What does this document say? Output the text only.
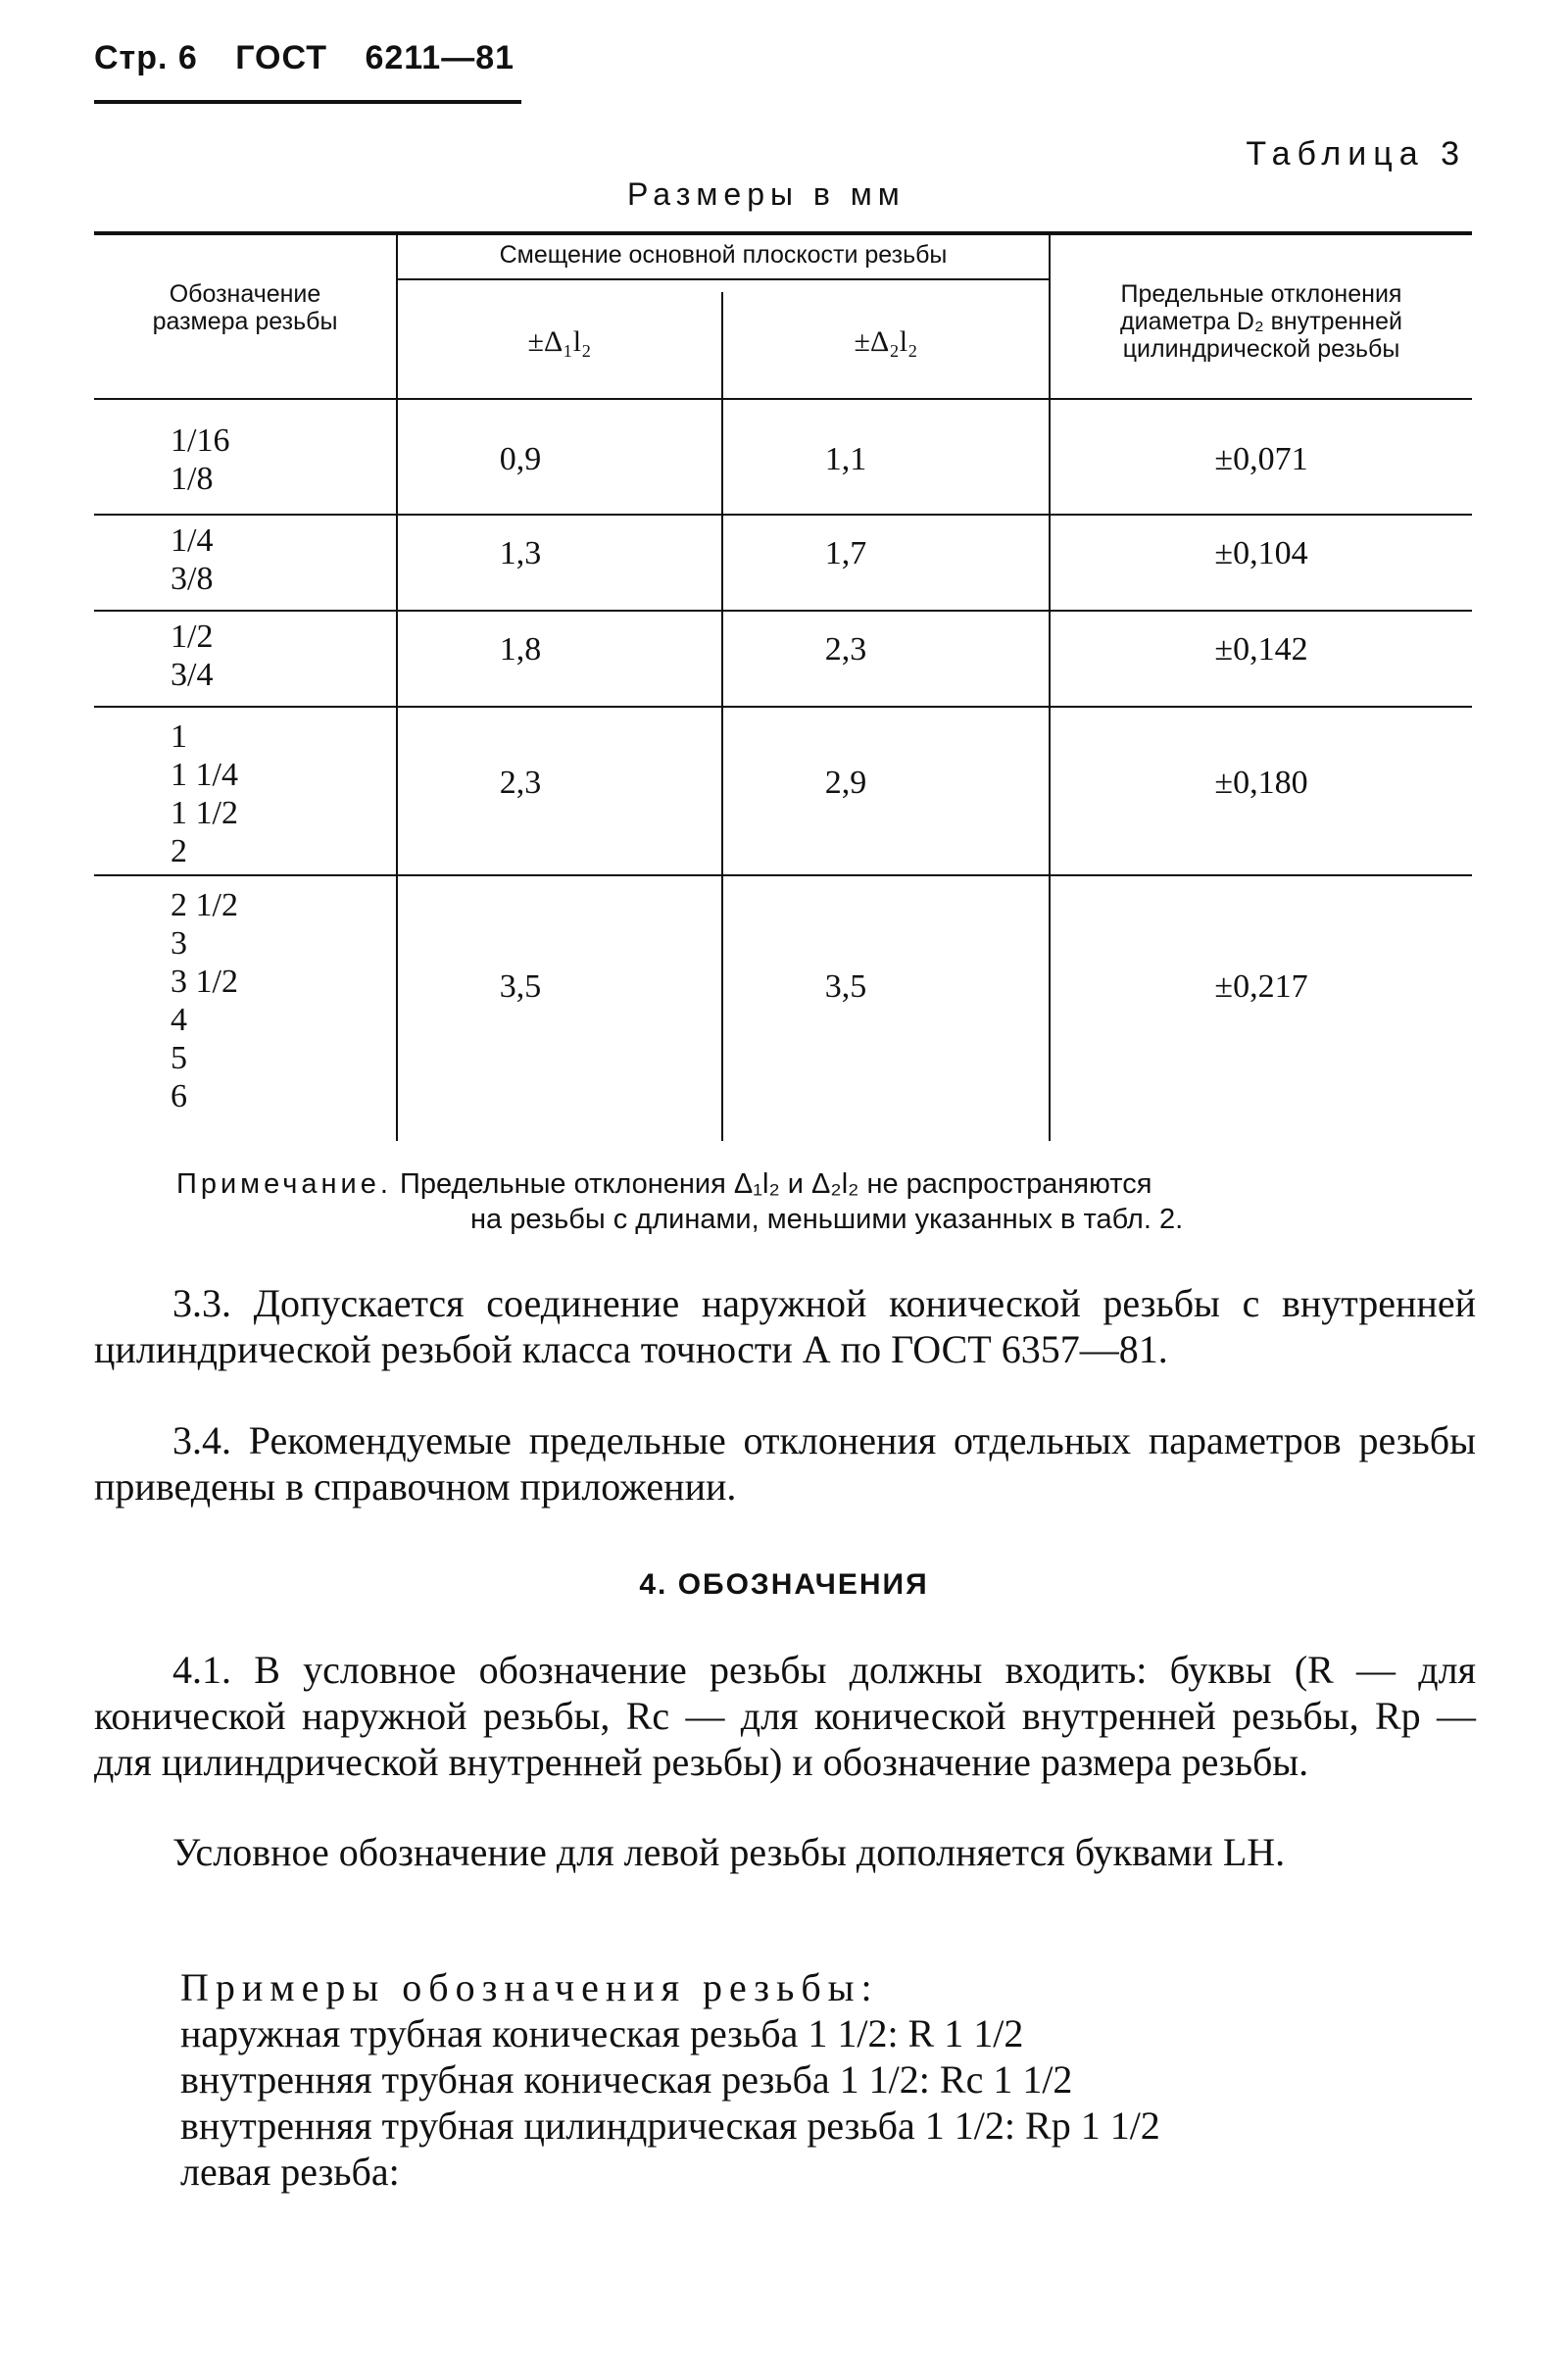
Стр. 6 ГОСТ 6211—81
Таблица 3
Размеры в мм
Обозначение
размера резьбы
Смещение основной плоскости резьбы
±Δ₁l₂	±Δ₂l₂
Предельные отклонения
диаметра D₂ внутренней
цилиндрической резьбы
1/16
1/8
0,9	1,1	±0,071
1/4
3/8
1,3	1,7	±0,104
1/2
3/4
1,8	2,3	±0,142
1
1 1/4
1 1/2
2
2,3	2,9	±0,180
2 1/2
3
3 1/2
4
5
6
3,5	3,5	±0,217
Примечание. Предельные отклонения Δ₁l₂ и Δ₂l₂ не распространяются
на резьбы с длинами, меньшими указанных в табл. 2.
3.3. Допускается соединение наружной конической резьбы с внутренней цилиндрической резьбой класса точности А по ГОСТ 6357—81.
3.4. Рекомендуемые предельные отклонения отдельных параметров резьбы приведены в справочном приложении.
4. ОБОЗНАЧЕНИЯ
4.1. В условное обозначение резьбы должны входить: буквы (R — для конической наружной резьбы, Rc — для конической внутренней резьбы, Rp — для цилиндрической внутренней резьбы) и обозначение размера резьбы.
Условное обозначение для левой резьбы дополняется буквами LH.
Примеры обозначения резьбы:
наружная трубная коническая резьба 1 1/2: R 1 1/2
внутренняя трубная коническая резьба 1 1/2: Rc 1 1/2
внутренняя трубная цилиндрическая резьба 1 1/2: Rp 1 1/2
левая резьба:
